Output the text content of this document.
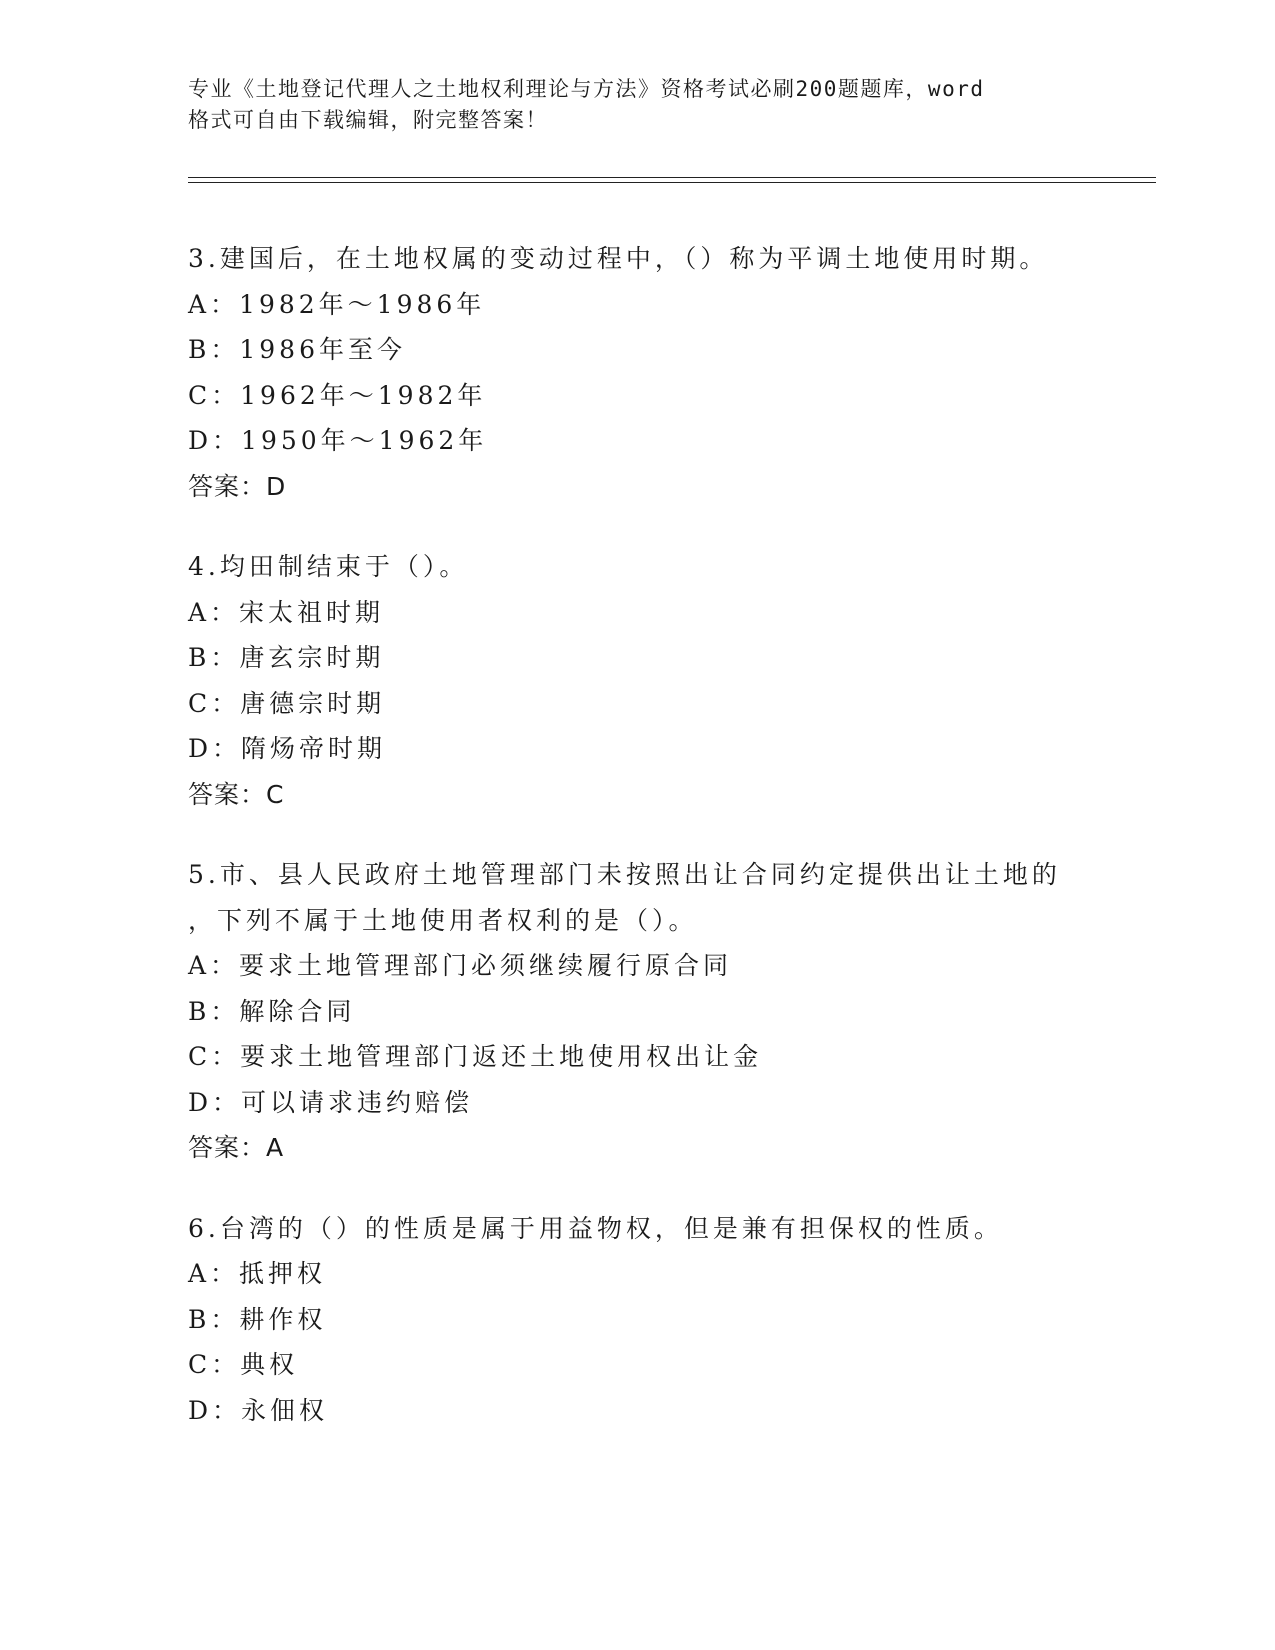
专业《土地登记代理人之土地权利理论与方法》资格考试必刷200题题库，word
格式可自由下载编辑，附完整答案！
3.建国后，在土地权属的变动过程中，（）称为平调土地使用时期。
A：1982年～1986年
B：1986年至今
C：1962年～1982年
D：1950年～1962年
答案：D
4.均田制结束于（）。
A：宋太祖时期
B：唐玄宗时期
C：唐德宗时期
D：隋炀帝时期
答案：C
5.市、县人民政府土地管理部门未按照出让合同约定提供出让土地的
，下列不属于土地使用者权利的是（）。
A：要求土地管理部门必须继续履行原合同
B：解除合同
C：要求土地管理部门返还土地使用权出让金
D：可以请求违约赔偿
答案：A
6.台湾的（）的性质是属于用益物权，但是兼有担保权的性质。
A：抵押权
B：耕作权
C：典权
D：永佃权
